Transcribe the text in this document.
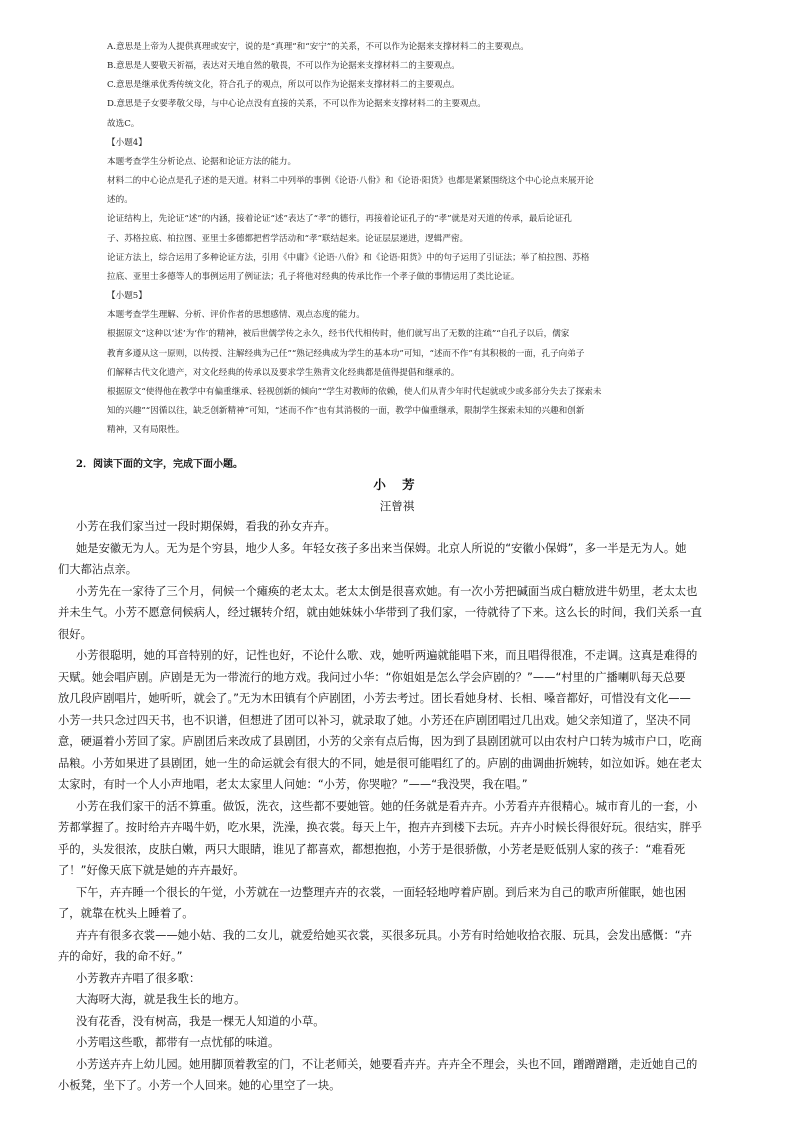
A.意思是上帝为人提供真理或安宁，说的是“真理”和“安宁”的关系，不可以作为论据来支撑材料二的主要观点。

B.意思是人要敬天祈福，表达对天地自然的敬畏，不可以作为论据来支撑材料二的主要观点。

C.意思是继承优秀传统文化，符合孔子的观点，所以可以作为论据来支撑材料二的主要观点。

D.意思是子女要孝敬父母，与中心论点没有直接的关系，不可以作为论据来支撑材料二的主要观点。

故选C。

【小题4】

本题考查学生分析论点、论据和论证方法的能力。

材料二的中心论点是孔子述的是天道。材料二中列举的事例《论语·八佾》和《论语·阳货》也都是紧紧围绕这个中心论点来展开论

述的。

论证结构上，先论证“述”的内涵，接着论证“述”表达了“孝”的德行，再接着论证孔子的“孝”就是对天道的传承，最后论证孔

子、苏格拉底、柏拉图、亚里士多德都把哲学活动和“孝”联结起来。论证层层递进，逻辑严密。

论证方法上，综合运用了多种论证方法，引用《中庸》《论语·八佾》和《论语·阳货》中的句子运用了引证法；举了柏拉图、苏格

拉底、亚里士多德等人的事例运用了例证法；孔子将他对经典的传承比作一个孝子做的事情运用了类比论证。

【小题5】

本题考查学生理解、分析、评价作者的思想感情、观点态度的能力。

根据原文“这种以‘述’为‘作’的精神，被后世儒学传之永久，经书代代相传时，他们就写出了无数的注疏”“自孔子以后，儒家

教育多遵从这一原则，以传授、注解经典为己任”“熟记经典成为学生的基本功”可知，“述而不作”有其积极的一面，孔子向弟子

们解释古代文化遗产，对文化经典的传承以及要求学生熟背文化经典都是值得提倡和继承的。

根据原文“使得他在教学中有偏重继承、轻视创新的倾向”“学生对教师的依赖，使人们从青少年时代起就或少或多部分失去了探索未

知的兴趣”“因循以往，缺乏创新精神”可知，“述而不作”也有其消极的一面，教学中偏重继承，限制学生探索未知的兴趣和创新

精神，又有局限性。

2．阅读下面的文字，完成下面小题。
小 芳
汪曾祺

小芳在我们家当过一段时期保姆，看我的孙女卉卉。

她是安徽无为人。无为是个穷县，地少人多。年轻女孩子多出来当保姆。北京人所说的“安徽小保姆”，多一半是无为人。她

们大都沾点亲。

小芳先在一家待了三个月，伺候一个瘫痪的老太太。老太太倒是很喜欢她。有一次小芳把碱面当成白糖放进牛奶里，老太太也

并未生气。小芳不愿意伺候病人，经过辗转介绍，就由她妹妹小华带到了我们家，一待就待了下来。这么长的时间，我们关系一直

很好。

小芳很聪明，她的耳音特别的好，记性也好，不论什么歌、戏，她听两遍就能唱下来，而且唱得很准，不走调。这真是难得的

天赋。她会唱庐剧。庐剧是无为一带流行的地方戏。我问过小华：“你姐姐是怎么学会庐剧的？”——“村里的广播喇叭每天总要

放几段庐剧唱片，她听听，就会了。”无为木田镇有个庐剧团，小芳去考过。团长看她身材、长相、嗓音都好，可惜没有文化——

小芳一共只念过四天书，也不识谱，但想进了团可以补习，就录取了她。小芳还在庐剧团唱过几出戏。她父亲知道了，坚决不同

意，硬逼着小芳回了家。庐剧团后来改成了县剧团，小芳的父亲有点后悔，因为到了县剧团就可以由农村户口转为城市户口，吃商

品粮。小芳如果进了县剧团，她一生的命运就会有很大的不同，她是很可能唱红了的。庐剧的曲调曲折婉转，如泣如诉。她在老太

太家时，有时一个人小声地唱，老太太家里人问她：“小芳，你哭啦？”——“我没哭，我在唱。”

小芳在我们家干的活不算重。做饭，洗衣，这些都不要她管。她的任务就是看卉卉。小芳看卉卉很精心。城市育儿的一套，小

芳都掌握了。按时给卉卉喝牛奶，吃水果，洗澡，换衣裳。每天上午，抱卉卉到楼下去玩。卉卉小时候长得很好玩。很结实，胖乎

乎的，头发很浓，皮肤白嫩，两只大眼睛，谁见了都喜欢，都想抱抱，小芳于是很骄傲，小芳老是贬低别人家的孩子：“难看死

了！”好像天底下就是她的卉卉最好。

下午，卉卉睡一个很长的午觉，小芳就在一边整理卉卉的衣裳，一面轻轻地哼着庐剧。到后来为自己的歌声所催眠，她也困

了，就靠在枕头上睡着了。

卉卉有很多衣裳——她小姑、我的二女儿，就爱给她买衣裳，买很多玩具。小芳有时给她收拾衣服、玩具，会发出感慨：“卉

卉的命好，我的命不好。”

小芳教卉卉唱了很多歌：

大海呀大海，就是我生长的地方。

没有花香，没有树高，我是一棵无人知道的小草。

小芳唱这些歌，都带有一点忧郁的味道。

小芳送卉卉上幼儿园。她用脚顶着教室的门，不让老师关，她要看卉卉。卉卉全不理会，头也不回，蹭蹭蹭蹭，走近她自己的

小板凳，坐下了。小芳一个人回来。她的心里空了一块。
